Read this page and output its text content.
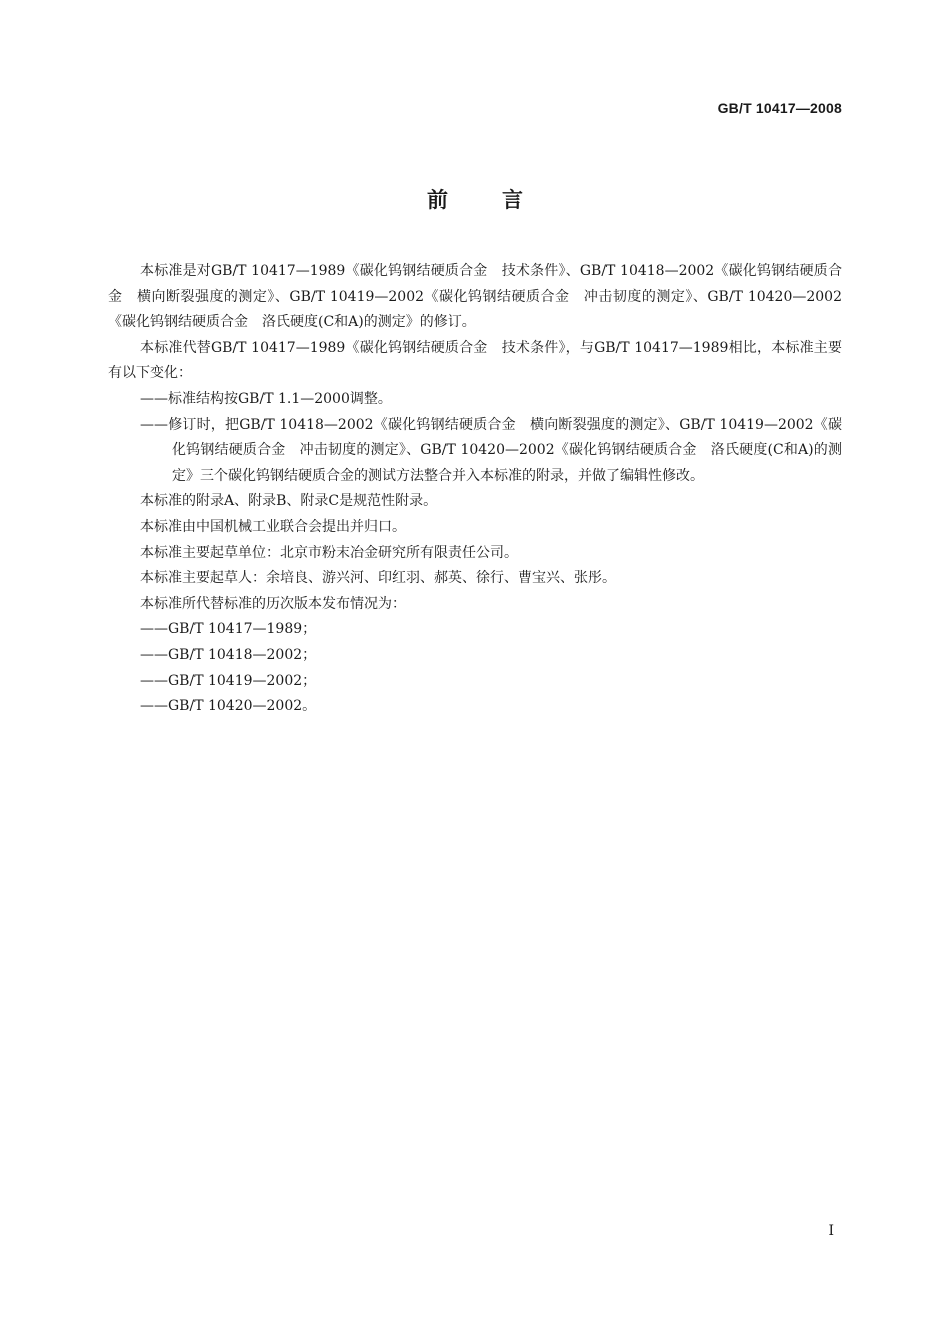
GB/T 10417—2008
前言

本标准是对GB/T 10417—1989《碳化钨钢结硬质合金　技术条件》、GB/T 10418—2002《碳化钨钢结硬质合金　横向断裂强度的测定》、GB/T 10419—2002《碳化钨钢结硬质合金　冲击韧度的测定》、GB/T 10420—2002《碳化钨钢结硬质合金　洛氏硬度(C和A)的测定》的修订。

本标准代替GB/T 10417—1989《碳化钨钢结硬质合金　技术条件》，与GB/T 10417—1989相比，本标准主要有以下变化：

——标准结构按GB/T 1.1—2000调整。

——修订时，把GB/T 10418—2002《碳化钨钢结硬质合金　横向断裂强度的测定》、GB/T 10419—2002《碳化钨钢结硬质合金　冲击韧度的测定》、GB/T 10420—2002《碳化钨钢结硬质合金　洛氏硬度(C和A)的测定》三个碳化钨钢结硬质合金的测试方法整合并入本标准的附录，并做了编辑性修改。

本标准的附录A、附录B、附录C是规范性附录。

本标准由中国机械工业联合会提出并归口。

本标准主要起草单位：北京市粉末冶金研究所有限责任公司。

本标准主要起草人：余培良、游兴河、印红羽、郝英、徐行、曹宝兴、张彤。

本标准所代替标准的历次版本发布情况为：

——GB/T 10417—1989；

——GB/T 10418—2002；

——GB/T 10419—2002；

——GB/T 10420—2002。

I
